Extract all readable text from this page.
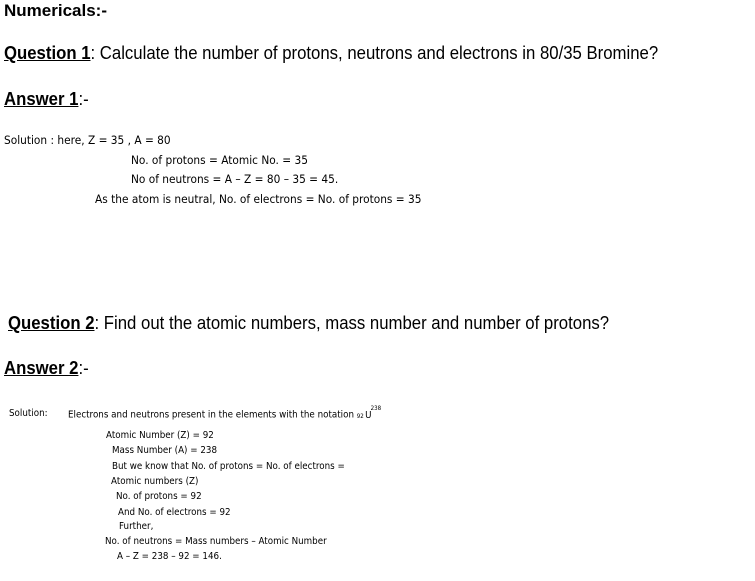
Numericals:-
Question 1: Calculate the number of protons, neutrons and electrons in 80/35 Bromine?
Answer 1:-
Solution : here, Z = 35 , A = 80
No. of protons = Atomic No. = 35
No of neutrons = A – Z = 80 – 35 = 45.
As the atom is neutral, No. of electrons = No. of protons = 35
Question 2: Find out the atomic numbers, mass number and number of protons?
Answer 2:-
Solution: Electrons and neutrons present in the elements with the notation 92 U
238
Atomic Number (Z) = 92
Mass Number (A) = 238
But we know that No. of protons = No. of electrons =
Atomic numbers (Z)
No. of protons = 92
And No. of electrons = 92
Further,
No. of neutrons = Mass numbers – Atomic Number
A – Z = 238 – 92 = 146.
